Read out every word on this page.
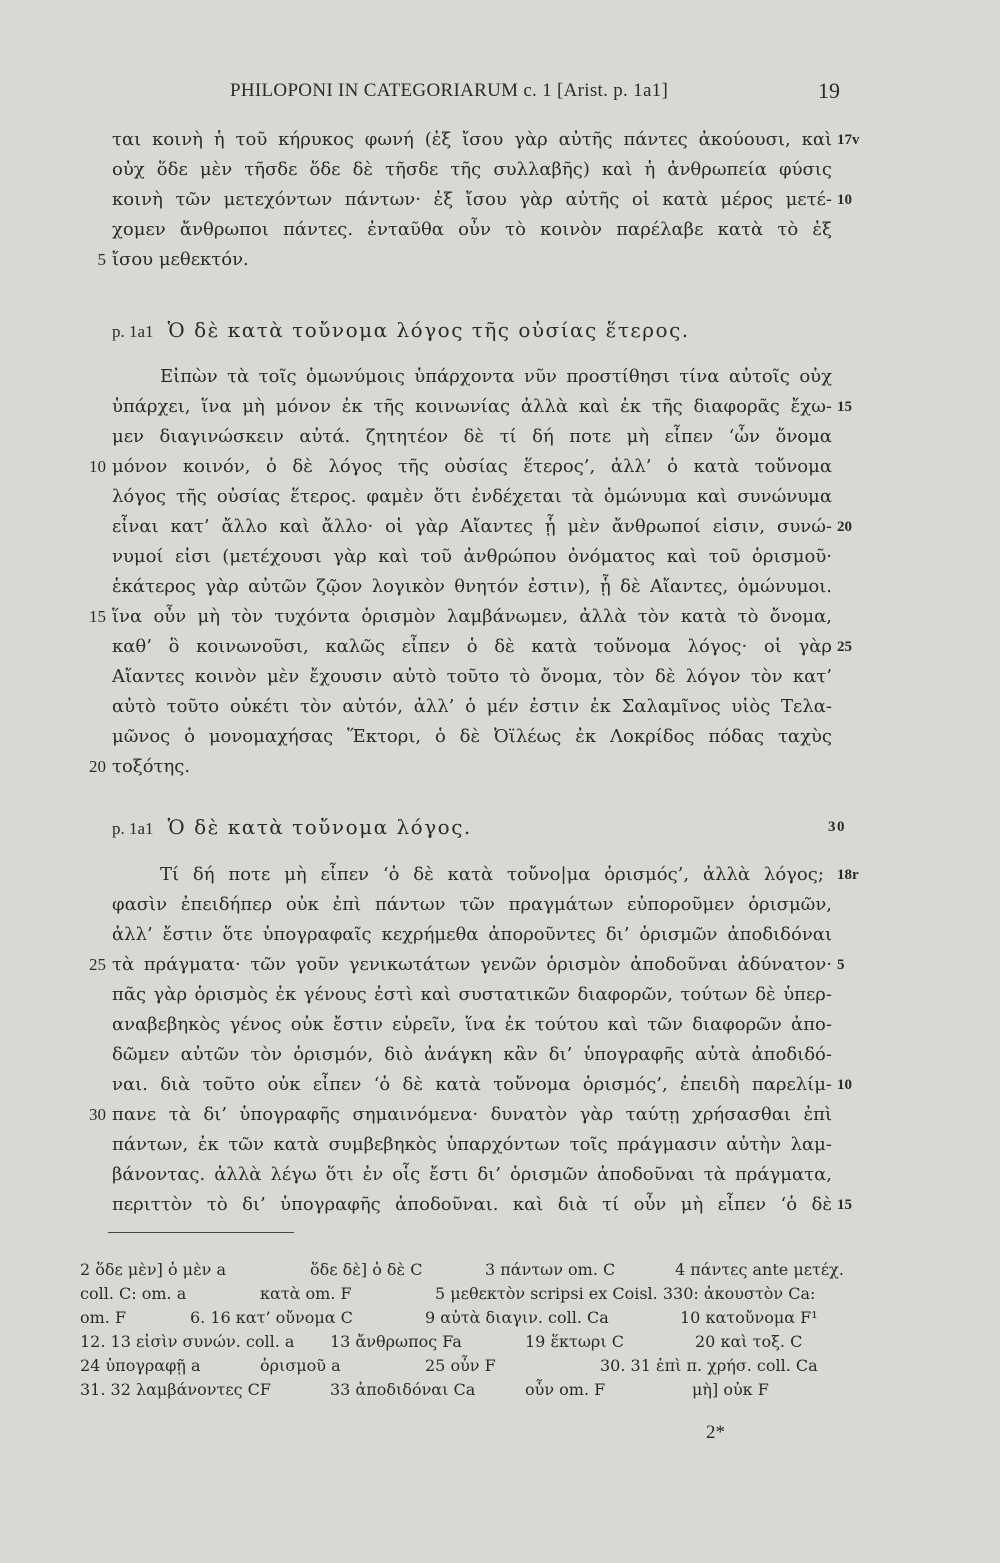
PHILOPONI IN CATEGORIARUM c. 1 [Arist. p. 1a1]	19
ται κοινὴ ἡ τοῦ κήρυκος φωνή (ἐξ ἴσου γὰρ αὐτῆς πάντες ἀκούουσι, καὶ 17v
οὐχ ὅδε μὲν τῆσδε ὅδε δὲ τῆσδε τῆς συλλαβῆς) καὶ ἡ ἀνθρωπεία φύσις
κοινὴ τῶν μετεχόντων πάντων· ἐξ ἴσου γὰρ αὐτῆς οἱ κατὰ μέρος μετέ- 10
χομεν ἄνθρωποι πάντες. ἐνταῦθα οὖν τὸ κοινὸν παρέλαβε κατὰ τὸ ἐξ
5 ἴσου μεθεκτόν.
p. 1a1 Ὁ δὲ κατὰ τοὔνομα λόγος τῆς οὐσίας ἕτερος.
Εἰπὼν τὰ τοῖς ὁμωνύμοις ὑπάρχοντα νῦν προστίθησι τίνα αὐτοῖς οὐχ
ὑπάρχει, ἵνα μὴ μόνον ἐκ τῆς κοινωνίας ἀλλὰ καὶ ἐκ τῆς διαφορᾶς ἔχω- 15
μεν διαγινώσκειν αὐτά. ζητητέον δὲ τί δή ποτε μὴ εἶπεν ‘ὧν ὄνομα
10 μόνον κοινόν, ὁ δὲ λόγος τῆς οὐσίας ἕτερος’, ἀλλ’ ὁ κατὰ τοὔνομα
λόγος τῆς οὐσίας ἕτερος. φαμὲν ὅτι ἐνδέχεται τὰ ὁμώνυμα καὶ συνώνυμα
εἶναι κατ’ ἄλλο καὶ ἄλλο· οἱ γὰρ Αἴαντες ᾗ μὲν ἄνθρωποί εἰσιν, συνώ- 20
νυμοί εἰσι (μετέχουσι γὰρ καὶ τοῦ ἀνθρώπου ὀνόματος καὶ τοῦ ὁρισμοῦ·
ἑκάτερος γὰρ αὐτῶν ζῷον λογικὸν θνητόν ἐστιν), ᾗ δὲ Αἴαντες, ὁμώνυμοι.
15 ἵνα οὖν μὴ τὸν τυχόντα ὁρισμὸν λαμβάνωμεν, ἀλλὰ τὸν κατὰ τὸ ὄνομα,
καθ’ ὃ κοινωνοῦσι, καλῶς εἶπεν ὁ δὲ κατὰ τοὔνομα λόγος· οἱ γὰρ 25
Αἴαντες κοινὸν μὲν ἔχουσιν αὐτὸ τοῦτο τὸ ὄνομα, τὸν δὲ λόγον τὸν κατ’
αὐτὸ τοῦτο οὐκέτι τὸν αὐτόν, ἀλλ’ ὁ μέν ἐστιν ἐκ Σαλαμῖνος υἱὸς Τελα-
μῶνος ὁ μονομαχήσας Ἕκτορι, ὁ δὲ Ὀϊλέως ἐκ Λοκρίδος πόδας ταχὺς
20 τοξότης.
p. 1a1 Ὁ δὲ κατὰ τοὔνομα λόγος.	30
Τί δή ποτε μὴ εἶπεν ‘ὁ δὲ κατὰ τοὔνο|μα ὁρισμός’, ἀλλὰ λόγος; 18r
φασὶν ἐπειδήπερ οὐκ ἐπὶ πάντων τῶν πραγμάτων εὐποροῦμεν ὁρισμῶν,
ἀλλ’ ἔστιν ὅτε ὑπογραφαῖς κεχρήμεθα ἀποροῦντες δι’ ὁρισμῶν ἀποδιδόναι
25 τὰ πράγματα· τῶν γοῦν γενικωτάτων γενῶν ὁρισμὸν ἀποδοῦναι ἀδύνατον· 5
πᾶς γὰρ ὁρισμὸς ἐκ γένους ἐστὶ καὶ συστατικῶν διαφορῶν, τούτων δὲ ὑπερ-
αναβεβηκὸς γένος οὐκ ἔστιν εὑρεῖν, ἵνα ἐκ τούτου καὶ τῶν διαφορῶν ἀπο-
δῶμεν αὐτῶν τὸν ὁρισμόν, διὸ ἀνάγκη κἂν δι’ ὑπογραφῆς αὐτὰ ἀποδιδό-
ναι. διὰ τοῦτο οὐκ εἶπεν ‘ὁ δὲ κατὰ τοὔνομα ὁρισμός’, ἐπειδὴ παρελίμ- 10
30 πανε τὰ δι’ ὑπογραφῆς σημαινόμενα· δυνατὸν γὰρ ταύτῃ χρήσασθαι ἐπὶ
πάντων, ἐκ τῶν κατὰ συμβεβηκὸς ὑπαρχόντων τοῖς πράγμασιν αὐτὴν λαμ-
βάνοντας. ἀλλὰ λέγω ὅτι ἐν οἷς ἔστι δι’ ὁρισμῶν ἀποδοῦναι τὰ πράγματα,
περιττὸν τὸ δι’ ὑπογραφῆς ἀποδοῦναι. καὶ διὰ τί οὖν μὴ εἶπεν ‘ὁ δὲ 15
2 ὅδε μὲν] ὁ μὲν a	ὅδε δὲ] ὁ δὲ C	3 πάντων om. C	4 πάντες ante μετέχ.
coll. C: om. a	κατὰ om. F	5 μεθεκτὸν scripsi ex Coisl. 330: ἀκουστὸν Ca:
om. F	6. 16 κατ’ οὔνομα C	9 αὐτὰ διαγιν. coll. Ca	10 κατοὔνομα F¹
12. 13 εἰσὶν συνών. coll. a 13 ἄνθρωπος Fa	19 ἕκτωρι C	20 καὶ τοξ. C
24 ὑπογραφῇ a	ὁρισμοῦ a	25 οὖν F	30. 31 ἐπὶ π. χρήσ. coll. Ca
31. 32 λαμβάνοντες CF	33 ἀποδιδόναι Ca	οὖν om. F	μὴ] οὐκ F
2*
